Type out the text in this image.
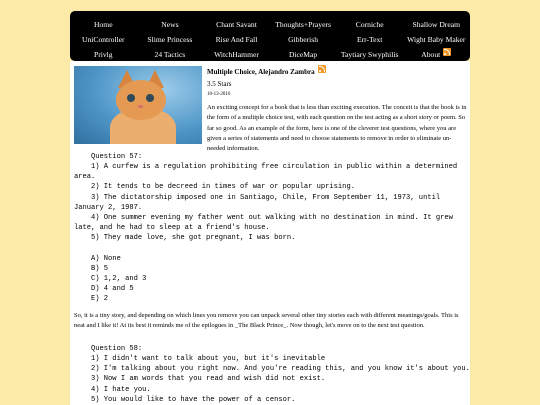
Home	News	Chant Savant	Thoughts+Prayers	Corniche	Shallow Dream
UniController	Slime Princess	Rise And Fall	Gibberish	Err-Text	Wight Baby Maker
Privlg	24 Tactics	WitchHammer	DiceMap	Taytiary Swyphilis	About
Multiple Choice, Alejandro Zambra
3.5 Stars
10-13-2016
An exciting concept for a book that is less than exciting execution. The conceit is that the book is in the form of a multiple choice test, with each question on the test acting as a short story or poem. So far so good. As an example of the form, here is one of the cleverer test questions, where you are given a series of statements and need to choose statements to remove in order to eliminate un-needed information.
Question 57:
1) A curfew is a regulation prohibiting free circulation in public within a determined
area.
2) It tends to be decreed in times of war or popular uprising.
3) The dictatorship imposed one in Santiago, Chile, From September 11, 1973, until
January 2, 1987.
4) One summer evening my father went out walking with no destination in mind. It grew
late, and he had to sleep at a friend's house.
5) They made love, she got pregnant, I was born.

A) None
B) 5
C) 1,2, and 3
D) 4 and 5
E) 2

So, it is a tiny story, and depending on which lines you remove you can unpack several other tiny stories each with different meanings/goals. This is neat and I like it! At its best it reminds me of the epilogues in _The Black Prince_. Now though, let's move on to the next test question.

Question 58:
1) I didn't want to talk about you, but it's inevitable
2) I'm talking about you right now. And you're reading this, and you know it's about you.
3) Now I am words that you read and wish did not exist.
4) I hate you.
5) You would like to have the power of a censor.
